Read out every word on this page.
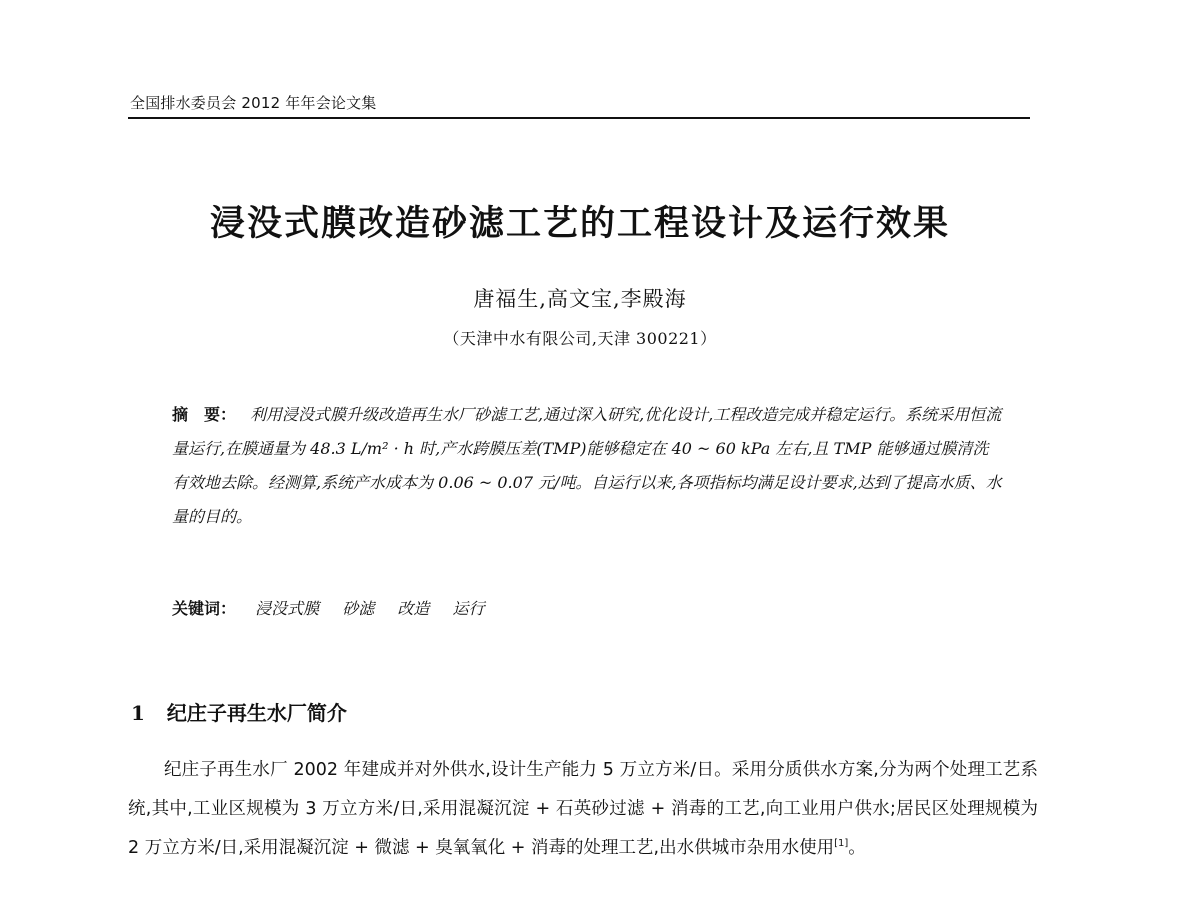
全国排水委员会 2012 年年会论文集
浸没式膜改造砂滤工艺的工程设计及运行效果
唐福生,高文宝,李殿海
（天津中水有限公司,天津 300221）
摘　要： 利用浸没式膜升级改造再生水厂砂滤工艺,通过深入研究,优化设计,工程改造完成并稳定运行。系统采用恒流量运行,在膜通量为 48.3 L/m² · h 时,产水跨膜压差(TMP)能够稳定在 40 ~ 60 kPa 左右,且 TMP 能够通过膜清洗有效地去除。经测算,系统产水成本为 0.06 ~ 0.07 元/吨。自运行以来,各项指标均满足设计要求,达到了提高水质、水量的目的。
关键词： 浸没式膜 砂滤 改造 运行
1 纪庄子再生水厂简介
纪庄子再生水厂 2002 年建成并对外供水,设计生产能力 5 万立方米/日。采用分质供水方案,分为两个处理工艺系统,其中,工业区规模为 3 万立方米/日,采用混凝沉淀 + 石英砂过滤 + 消毒的工艺,向工业用户供水;居民区处理规模为 2 万立方米/日,采用混凝沉淀 + 微滤 + 臭氧氧化 + 消毒的处理工艺,出水供城市杂用水使用[1]。
